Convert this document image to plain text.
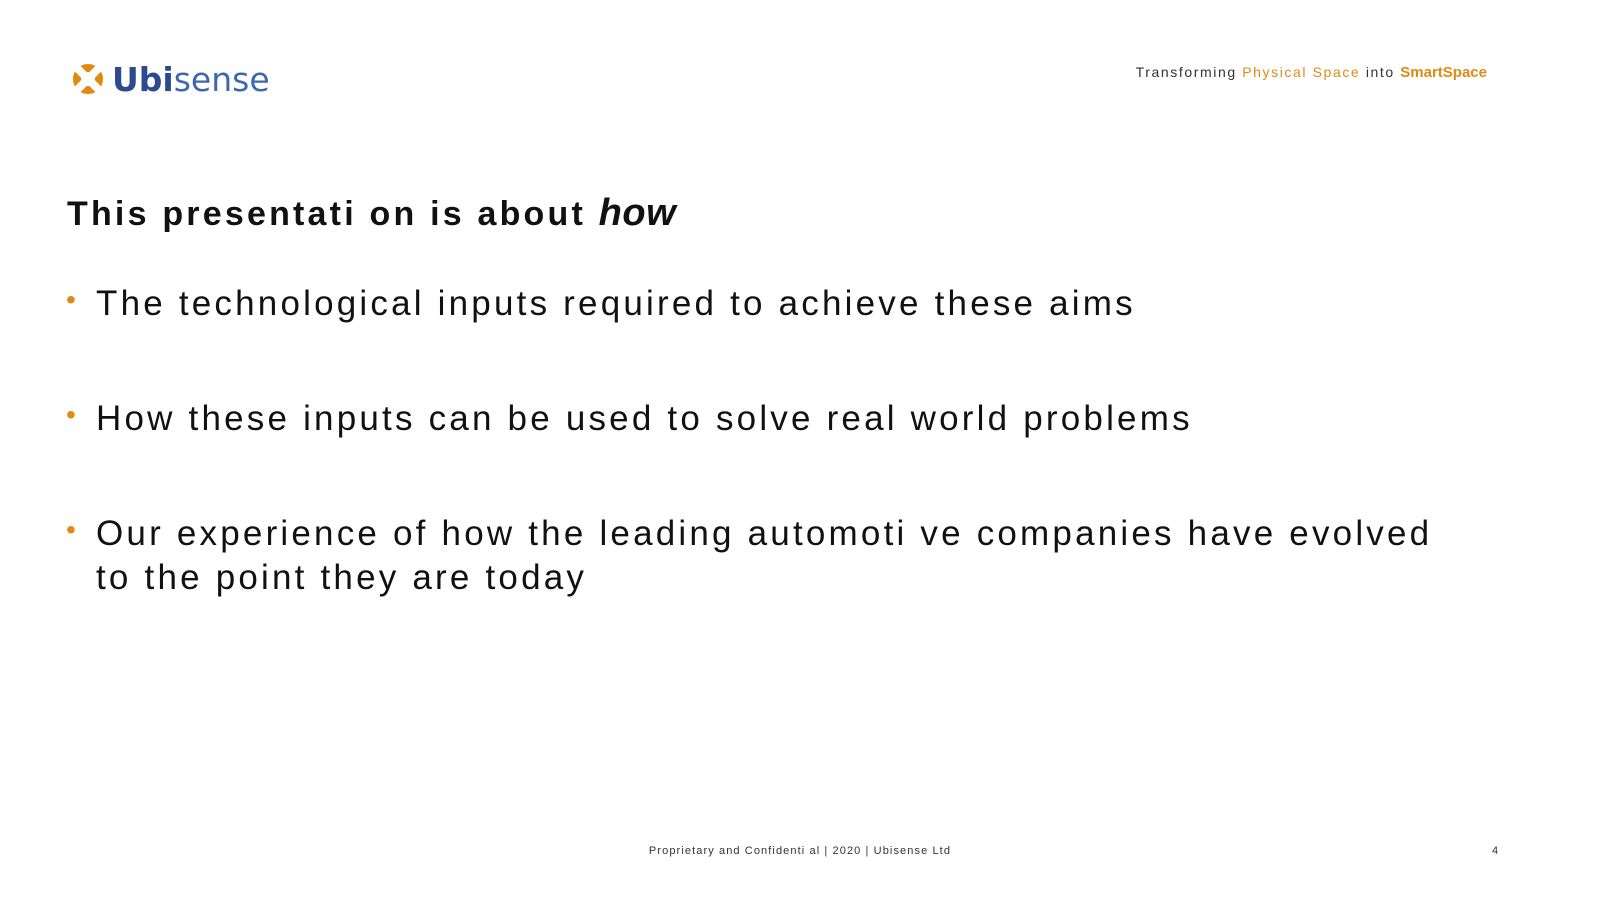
Ubisense	Transforming Physical Space into SmartSpace
This presentati on is about how
• The technological inputs required to achieve these aims
• How these inputs can be used to solve real world problems
• Our experience of how the leading automoti ve companies have evolved to the point they are today
Proprietary and Confidenti al | 2020 | Ubisense Ltd	4
